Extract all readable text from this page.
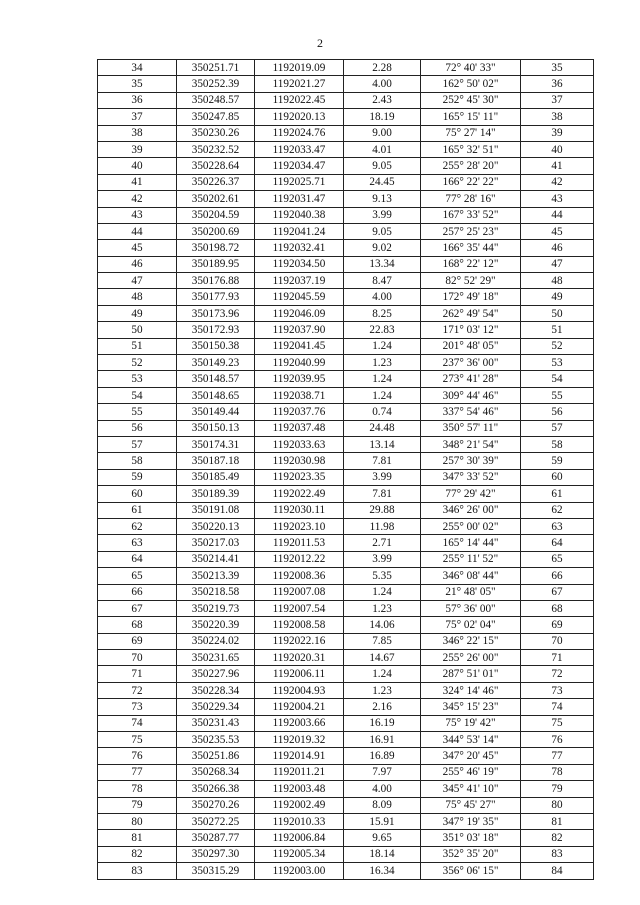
2
34	350251.71	1192019.09	2.28	72° 40' 33"	35
35	350252.39	1192021.27	4.00	162° 50' 02"	36
36	350248.57	1192022.45	2.43	252° 45' 30"	37
37	350247.85	1192020.13	18.19	165° 15' 11"	38
38	350230.26	1192024.76	9.00	75° 27' 14"	39
39	350232.52	1192033.47	4.01	165° 32' 51"	40
40	350228.64	1192034.47	9.05	255° 28' 20"	41
41	350226.37	1192025.71	24.45	166° 22' 22"	42
42	350202.61	1192031.47	9.13	77° 28' 16"	43
43	350204.59	1192040.38	3.99	167° 33' 52"	44
44	350200.69	1192041.24	9.05	257° 25' 23"	45
45	350198.72	1192032.41	9.02	166° 35' 44"	46
46	350189.95	1192034.50	13.34	168° 22' 12"	47
47	350176.88	1192037.19	8.47	82° 52' 29"	48
48	350177.93	1192045.59	4.00	172° 49' 18"	49
49	350173.96	1192046.09	8.25	262° 49' 54"	50
50	350172.93	1192037.90	22.83	171° 03' 12"	51
51	350150.38	1192041.45	1.24	201° 48' 05"	52
52	350149.23	1192040.99	1.23	237° 36' 00"	53
53	350148.57	1192039.95	1.24	273° 41' 28"	54
54	350148.65	1192038.71	1.24	309° 44' 46"	55
55	350149.44	1192037.76	0.74	337° 54' 46"	56
56	350150.13	1192037.48	24.48	350° 57' 11"	57
57	350174.31	1192033.63	13.14	348° 21' 54"	58
58	350187.18	1192030.98	7.81	257° 30' 39"	59
59	350185.49	1192023.35	3.99	347° 33' 52"	60
60	350189.39	1192022.49	7.81	77° 29' 42"	61
61	350191.08	1192030.11	29.88	346° 26' 00"	62
62	350220.13	1192023.10	11.98	255° 00' 02"	63
63	350217.03	1192011.53	2.71	165° 14' 44"	64
64	350214.41	1192012.22	3.99	255° 11' 52"	65
65	350213.39	1192008.36	5.35	346° 08' 44"	66
66	350218.58	1192007.08	1.24	21° 48' 05"	67
67	350219.73	1192007.54	1.23	57° 36' 00"	68
68	350220.39	1192008.58	14.06	75° 02' 04"	69
69	350224.02	1192022.16	7.85	346° 22' 15"	70
70	350231.65	1192020.31	14.67	255° 26' 00"	71
71	350227.96	1192006.11	1.24	287° 51' 01"	72
72	350228.34	1192004.93	1.23	324° 14' 46"	73
73	350229.34	1192004.21	2.16	345° 15' 23"	74
74	350231.43	1192003.66	16.19	75° 19' 42"	75
75	350235.53	1192019.32	16.91	344° 53' 14"	76
76	350251.86	1192014.91	16.89	347° 20' 45"	77
77	350268.34	1192011.21	7.97	255° 46' 19"	78
78	350266.38	1192003.48	4.00	345° 41' 10"	79
79	350270.26	1192002.49	8.09	75° 45' 27"	80
80	350272.25	1192010.33	15.91	347° 19' 35"	81
81	350287.77	1192006.84	9.65	351° 03' 18"	82
82	350297.30	1192005.34	18.14	352° 35' 20"	83
83	350315.29	1192003.00	16.34	356° 06' 15"	84
